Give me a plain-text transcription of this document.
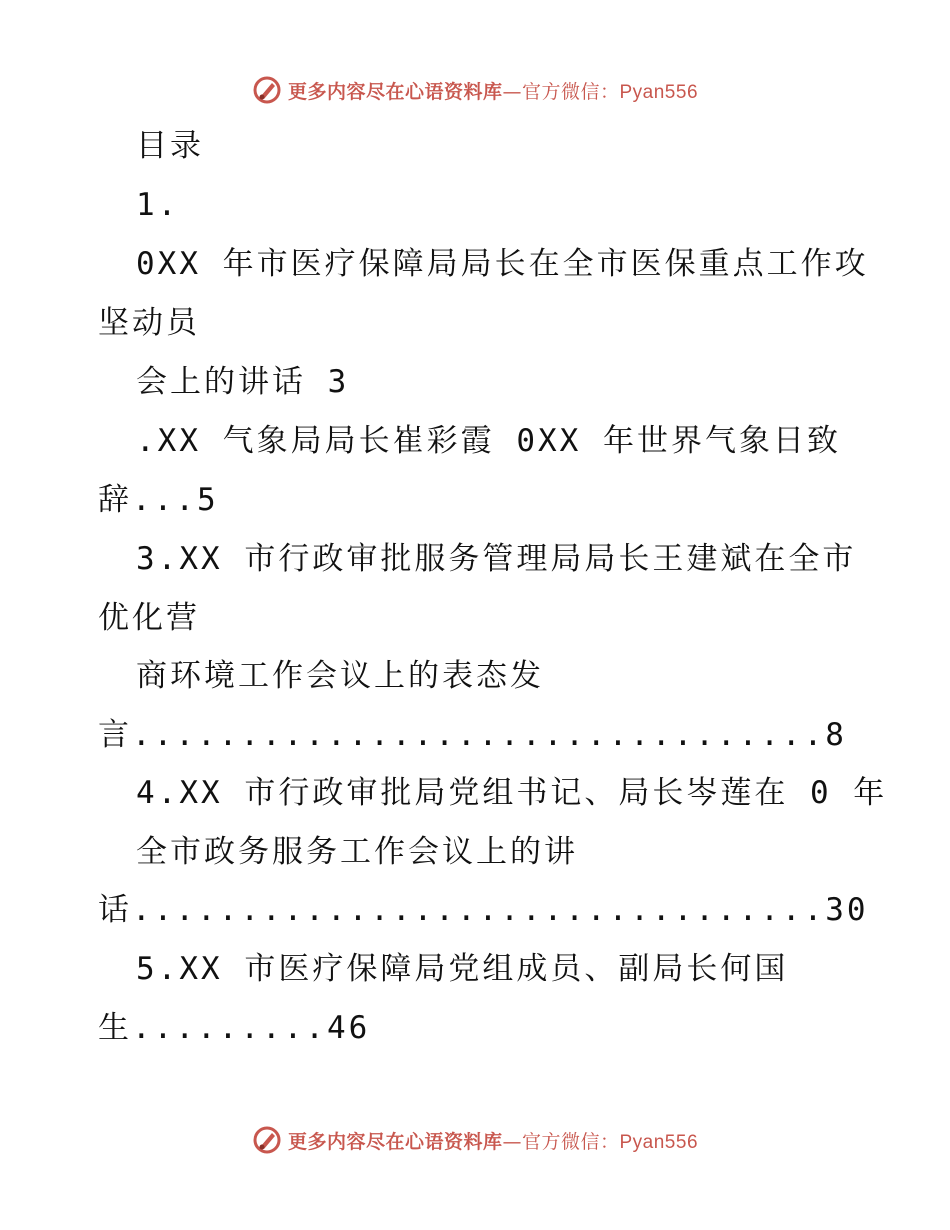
更多内容尽在心语资料库—官方微信：Pyan556
目录
1.
0XX 年市医疗保障局局长在全市医保重点工作攻
坚动员
会上的讲话 3
.XX 气象局局长崔彩霞 0XX 年世界气象日致
辞...5
3.XX 市行政审批服务管理局局长王建斌在全市
优化营
商环境工作会议上的表态发
言................................8
4.XX 市行政审批局党组书记、局长岑莲在 0 年
全市政务服务工作会议上的讲
话................................30
5.XX 市医疗保障局党组成员、副局长何国
生.........46
更多内容尽在心语资料库—官方微信：Pyan556
